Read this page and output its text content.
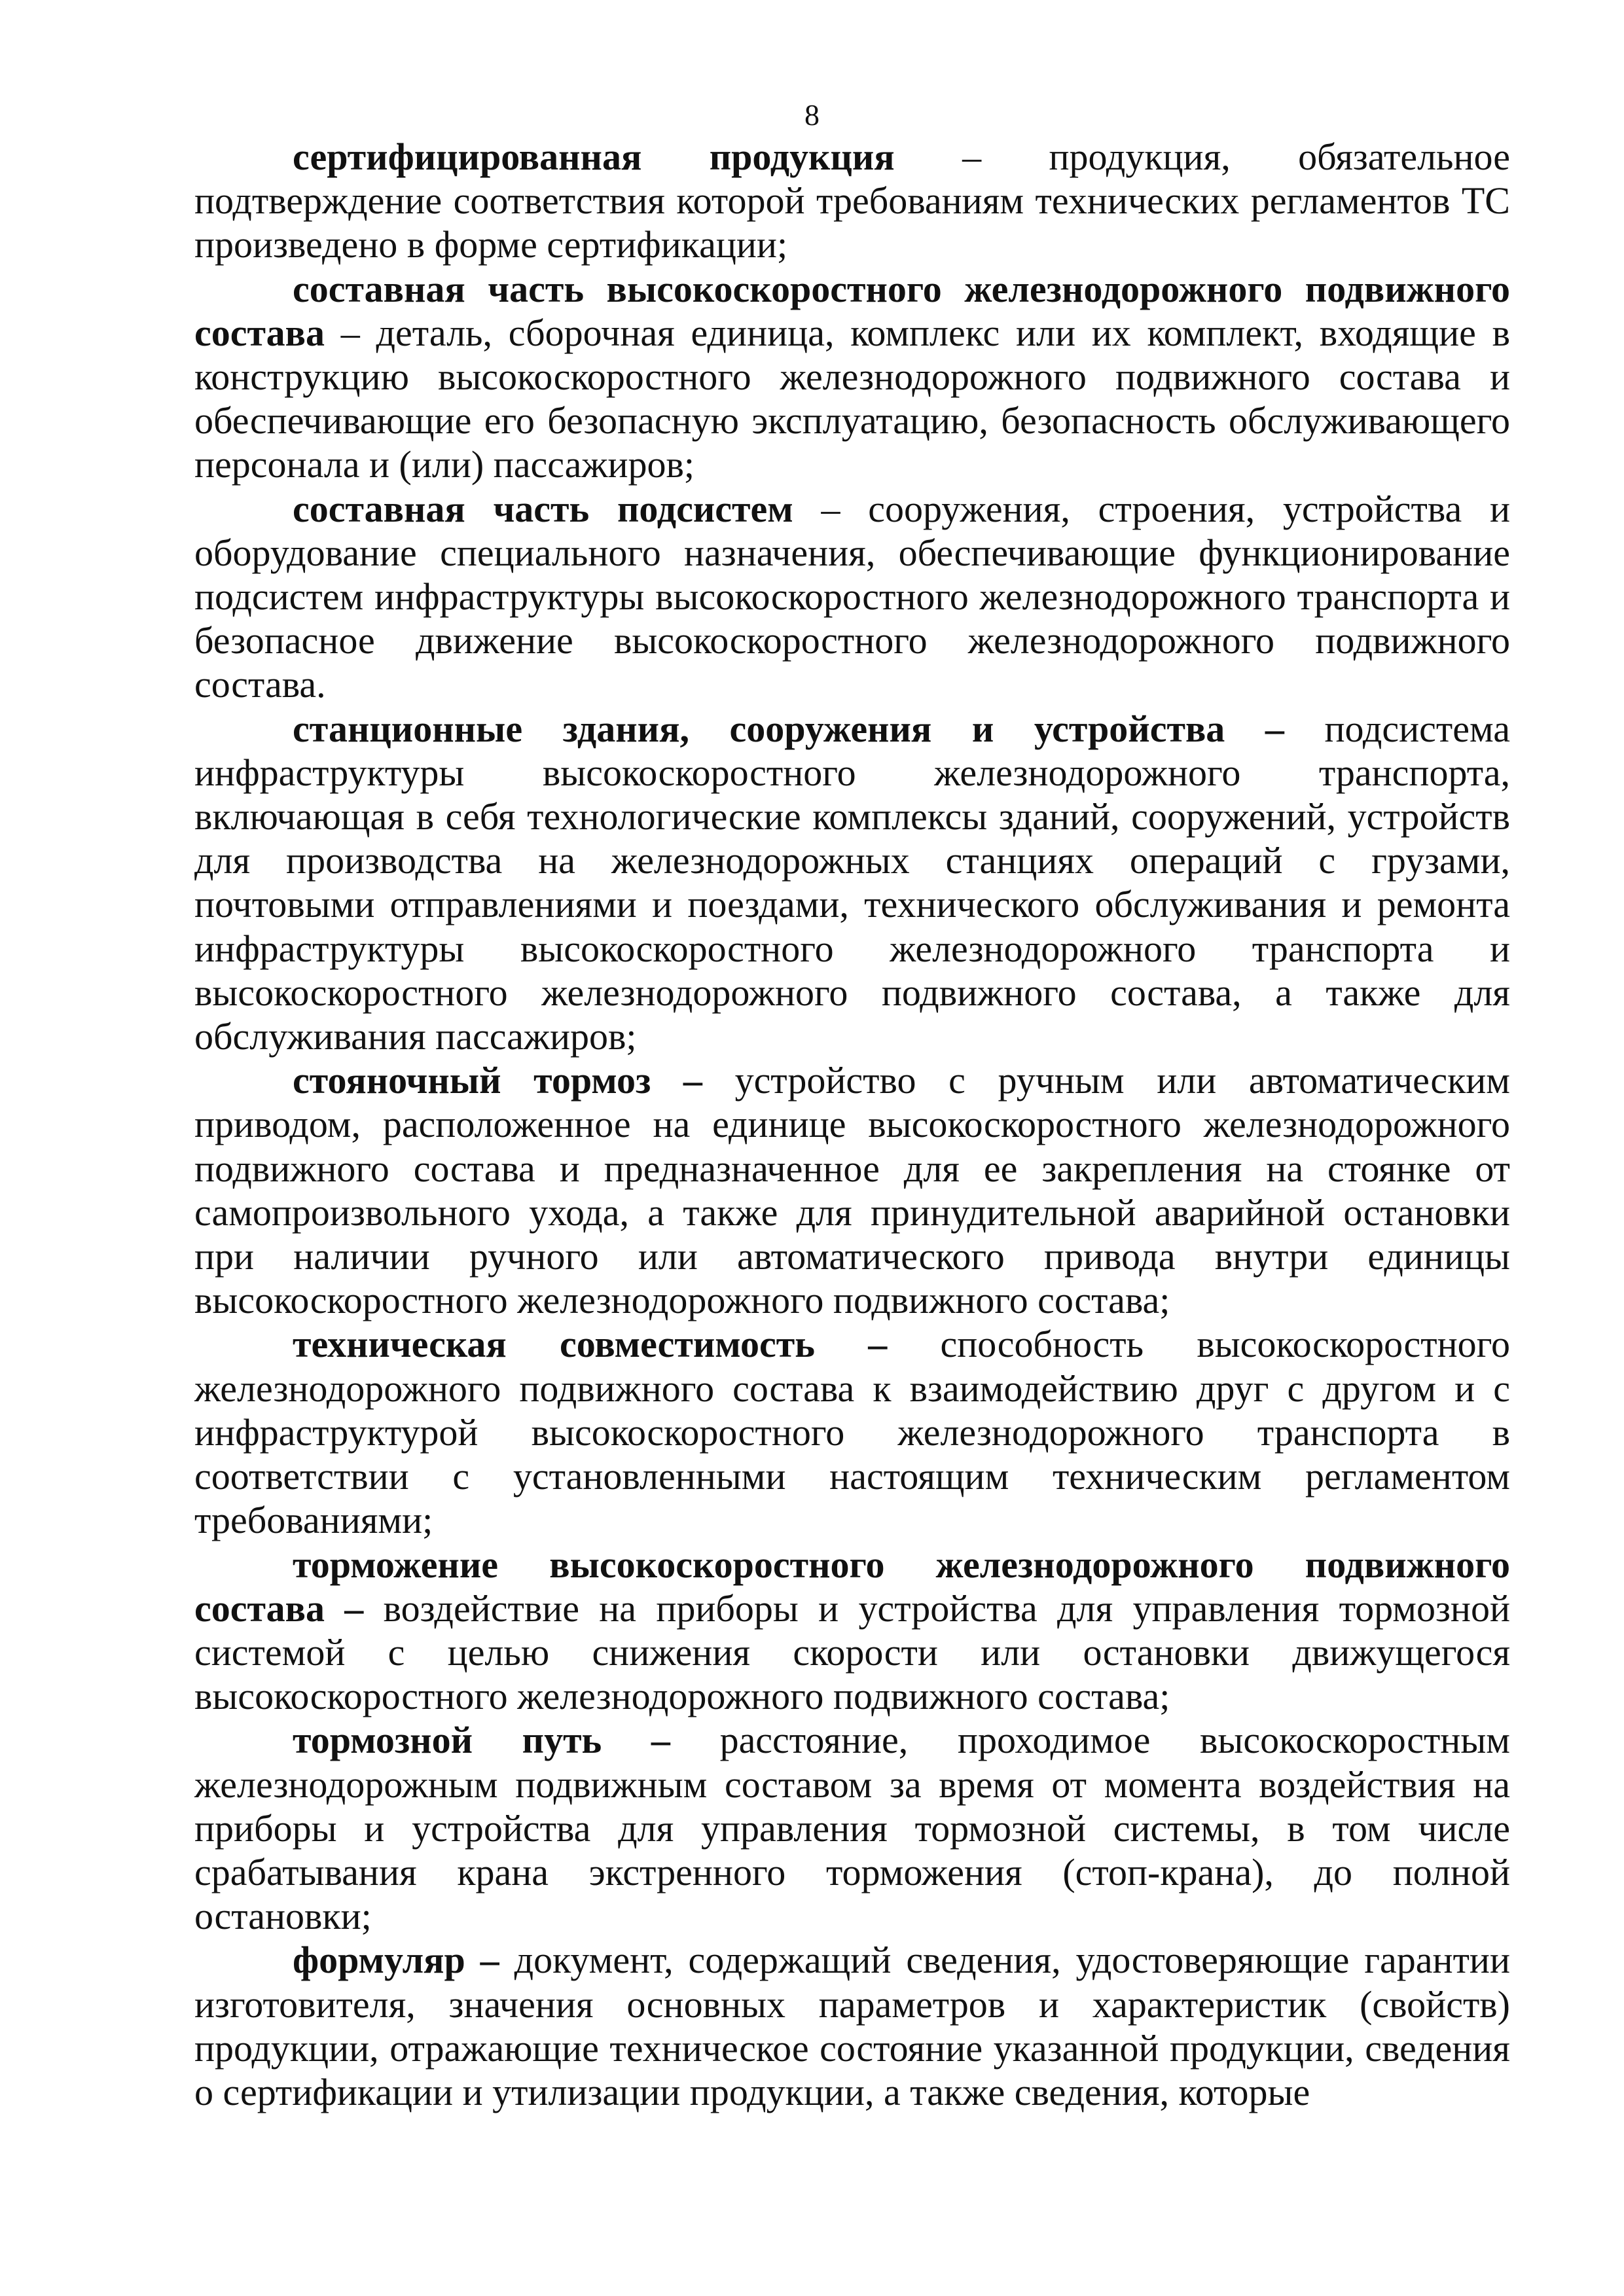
8

сертифицированная продукция – продукция, обязательное подтверждение соответствия которой требованиям технических регламентов ТС произведено в форме сертификации;

составная часть высокоскоростного железнодорожного подвижного состава – деталь, сборочная единица, комплекс или их комплект, входящие в конструкцию высокоскоростного железнодорожного подвижного состава и обеспечивающие его безопасную эксплуатацию, безопасность обслуживающего персонала и (или) пассажиров;

составная часть подсистем – сооружения, строения, устройства и оборудование специального назначения, обеспечивающие функционирование подсистем инфраструктуры высокоскоростного железнодорожного транспорта и безопасное движение высокоскоростного железнодорожного подвижного состава.

станционные здания, сооружения и устройства – подсистема инфраструктуры высокоскоростного железнодорожного транспорта, включающая в себя технологические комплексы зданий, сооружений, устройств для производства на железнодорожных станциях операций с грузами, почтовыми отправлениями и поездами, технического обслуживания и ремонта инфраструктуры высокоскоростного железнодорожного транспорта и высокоскоростного железнодорожного подвижного состава, а также для обслуживания пассажиров;

стояночный тормоз – устройство с ручным или автоматическим приводом, расположенное на единице высокоскоростного железнодорожного подвижного состава и предназначенное для ее закрепления на стоянке от самопроизвольного ухода, а также для принудительной аварийной остановки при наличии ручного или автоматического привода внутри единицы высокоскоростного железнодорожного подвижного состава;

техническая совместимость – способность высокоскоростного железнодорожного подвижного состава к взаимодействию друг с другом и с инфраструктурой высокоскоростного железнодорожного транспорта в соответствии с установленными настоящим техническим регламентом требованиями;

торможение высокоскоростного железнодорожного подвижного состава – воздействие на приборы и устройства для управления тормозной системой с целью снижения скорости или остановки движущегося высокоскоростного железнодорожного подвижного состава;

тормозной путь – расстояние, проходимое высокоскоростным железнодорожным подвижным составом за время от момента воздействия на приборы и устройства для управления тормозной системы, в том числе срабатывания крана экстренного торможения (стоп-крана), до полной остановки;

формуляр – документ, содержащий сведения, удостоверяющие гарантии изготовителя, значения основных параметров и характеристик (свойств) продукции, отражающие техническое состояние указанной продукции, сведения о сертификации и утилизации продукции, а также сведения, которые
